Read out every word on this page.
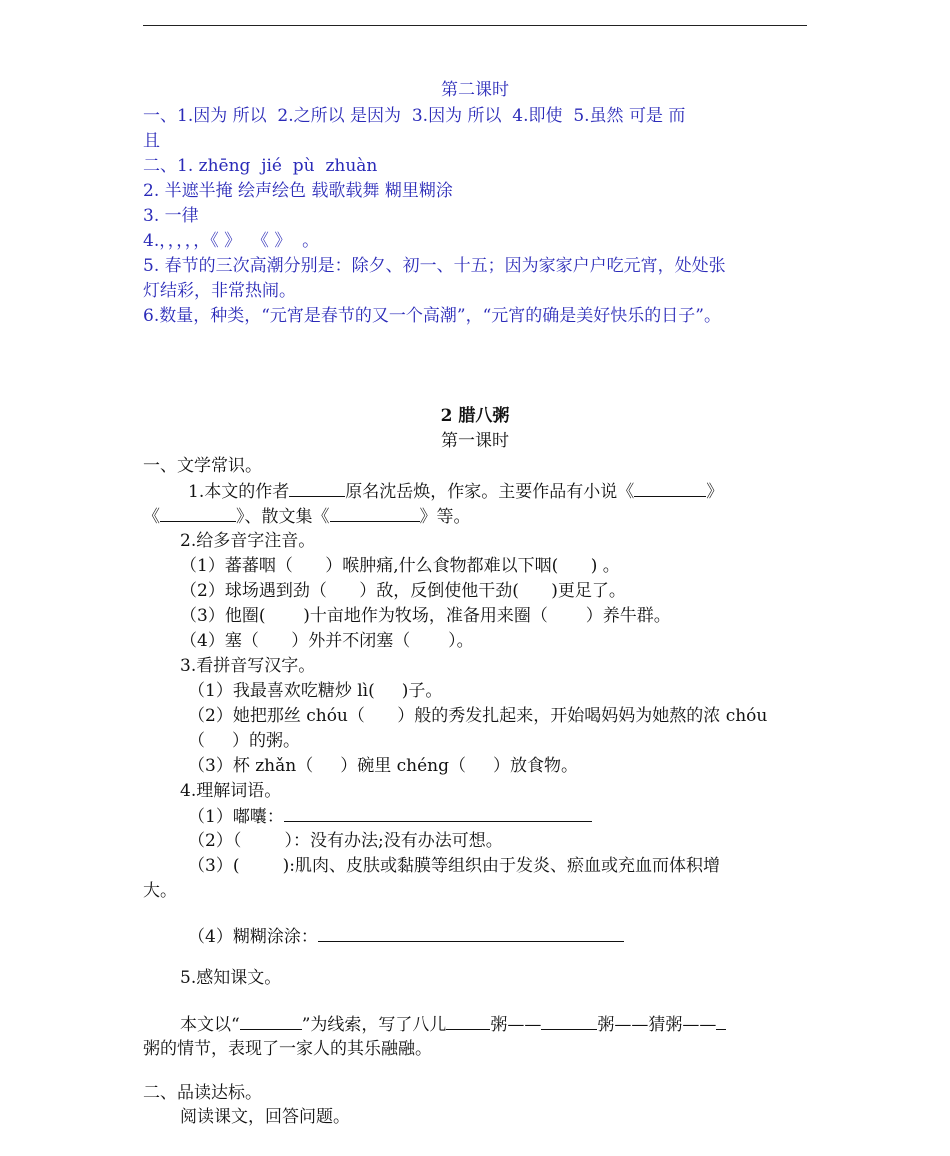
第二课时
一、1.因为 所以  2.之所以 是因为  3.因为 所以  4.即使  5.虽然 可是 而
且
二、1. zhēng  jié  pù  zhuàn
2. 半遮半掩 绘声绘色 载歌载舞 糊里糊涂
3. 一律
4.，，，，，《 》  《 》  。
5. 春节的三次高潮分别是：除夕、初一、十五；因为家家户户吃元宵，处处张
灯结彩，非常热闹。
6.数量，种类，“元宵是春节的又一个高潮”，“元宵的确是美好快乐的日子”。
2 腊八粥
第一课时
一、文学常识。
1.本文的作者	原名沈岳焕，作家。主要作品有小说《	》
《	》、散文集《	》等。
2.给多音字注音。
（1）蕃蕃咽（      ）喉肿痛,什么食物都难以下咽(      ) 。
（2）球场遇到劲（      ）敌，反倒使他干劲(      )更足了。
（3）他圈(       )十亩地作为牧场，准备用来圈（       ）养牛群。
（4）塞（      ）外并不闭塞（       ）。
3.看拼音写汉字。
（1）我最喜欢吃糖炒 lì(     )子。
（2）她把那丝 chóu（      ）般的秀发扎起来，开始喝妈妈为她熬的浓 chóu
（     ）的粥。
（3）杯 zhǎn（     ）碗里 chéng（     ）放食物。
4.理解词语。
（1）嘟囔：
（2）（        ）：没有办法;没有办法可想。
（3）(        ):肌肉、皮肤或黏膜等组织由于发炎、瘀血或充血而体积增
大。
（4）糊糊涂涂：
5.感知课文。
本文以“	”为线索，写了八儿	粥——	粥——猜粥——
粥的情节，表现了一家人的其乐融融。
二、品读达标。
阅读课文，回答问题。
